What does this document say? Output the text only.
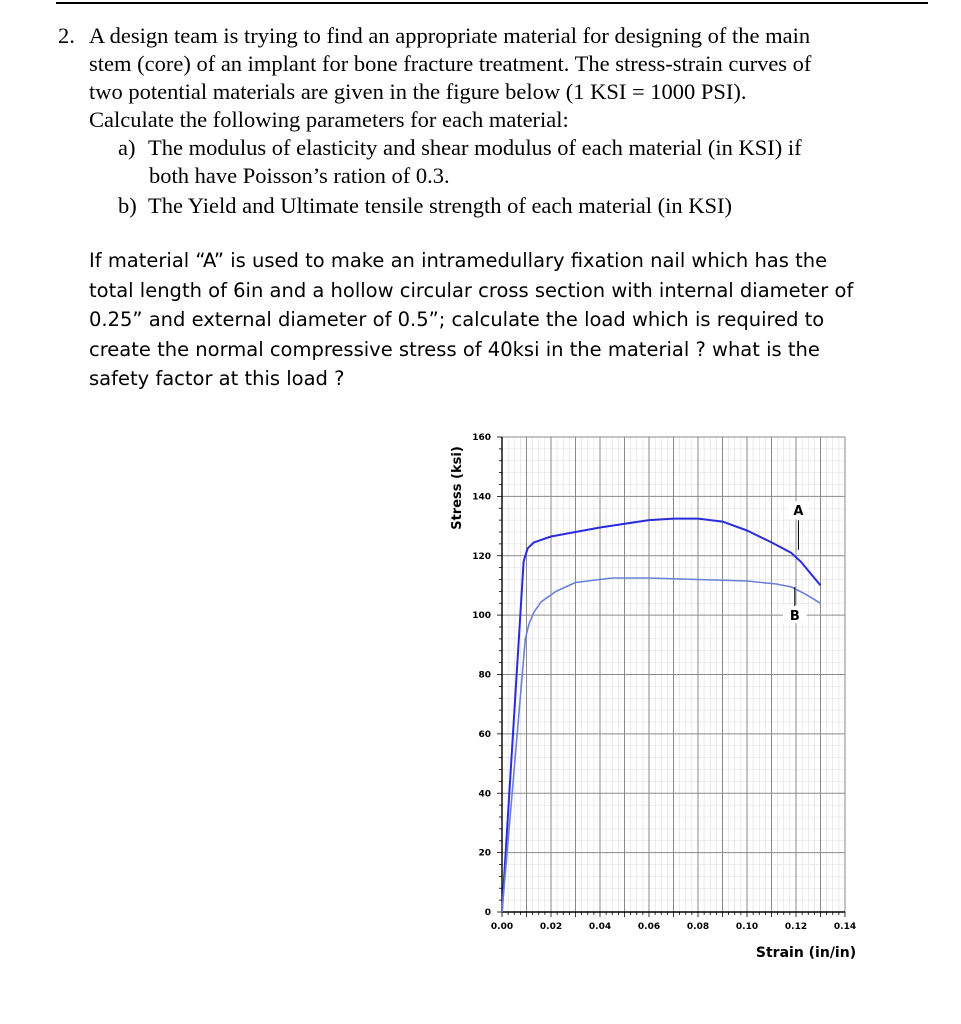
2. A design team is trying to find an appropriate material for designing of the main
stem (core) of an implant for bone fracture treatment. The stress-strain curves of
two potential materials are given in the figure below (1 KSI = 1000 PSI).
Calculate the following parameters for each material:
a) The modulus of elasticity and shear modulus of each material (in KSI) if
both have Poisson’s ration of 0.3.
b) The Yield and Ultimate tensile strength of each material (in KSI)
If material “A” is used to make an intramedullary fixation nail which has the
total length of 6in and a hollow circular cross section with internal diameter of
0.25” and external diameter of 0.5”; calculate the load which is required to
create the normal compressive stress of 40ksi in the material ? what is the
safety factor at this load ?
0.00	0.02	0.04	0.06	0.08	0.10	0.12	0.14
0
20
40
60
80
100
120
140
160
A
B
Stress (ksi)
Strain (in/in)
